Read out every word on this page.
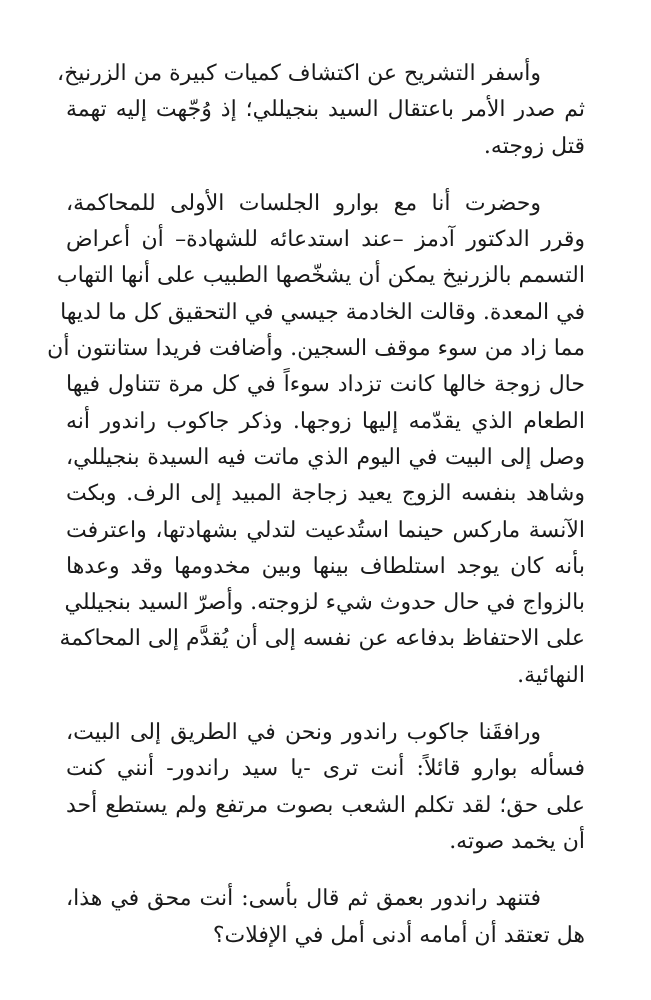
وأسفر التشريح عن اكتشاف كميات كبيرة من الزرنيخ،
ثم صدر الأمر باعتقال السيد بنجيللي؛ إذ وُجّهت إليه تهمة
قتل زوجته.

وحضرت أنا مع بوارو الجلسات الأولى للمحاكمة،
وقرر الدكتور آدمز –عند استدعائه للشهادة– أن أعراض
التسمم بالزرنيخ يمكن أن يشخّصها الطبيب على أنها التهاب
في المعدة. وقالت الخادمة جيسي في التحقيق كل ما لديها
مما زاد من سوء موقف السجين. وأضافت فريدا ستانتون أن
حال زوجة خالها كانت تزداد سوءاً في كل مرة تتناول فيها
الطعام الذي يقدّمه إليها زوجها. وذكر جاكوب راندور أنه
وصل إلى البيت في اليوم الذي ماتت فيه السيدة بنجيللي،
وشاهد بنفسه الزوج يعيد زجاجة المبيد إلى الرف. وبكت
الآنسة ماركس حينما استُدعيت لتدلي بشهادتها، واعترفت
بأنه كان يوجد استلطاف بينها وبين مخدومها وقد وعدها
بالزواج في حال حدوث شيء لزوجته. وأصرّ السيد بنجيللي
على الاحتفاظ بدفاعه عن نفسه إلى أن يُقدَّم إلى المحاكمة
النهائية.

ورافقَنا جاكوب راندور ونحن في الطريق إلى البيت،
فسأله بوارو قائلاً: أنت ترى -يا سيد راندور- أنني كنت
على حق؛ لقد تكلم الشعب بصوت مرتفع ولم يستطع أحد
أن يخمد صوته.

فتنهد راندور بعمق ثم قال بأسى: أنت محق في هذا،
هل تعتقد أن أمامه أدنى أمل في الإفلات؟
